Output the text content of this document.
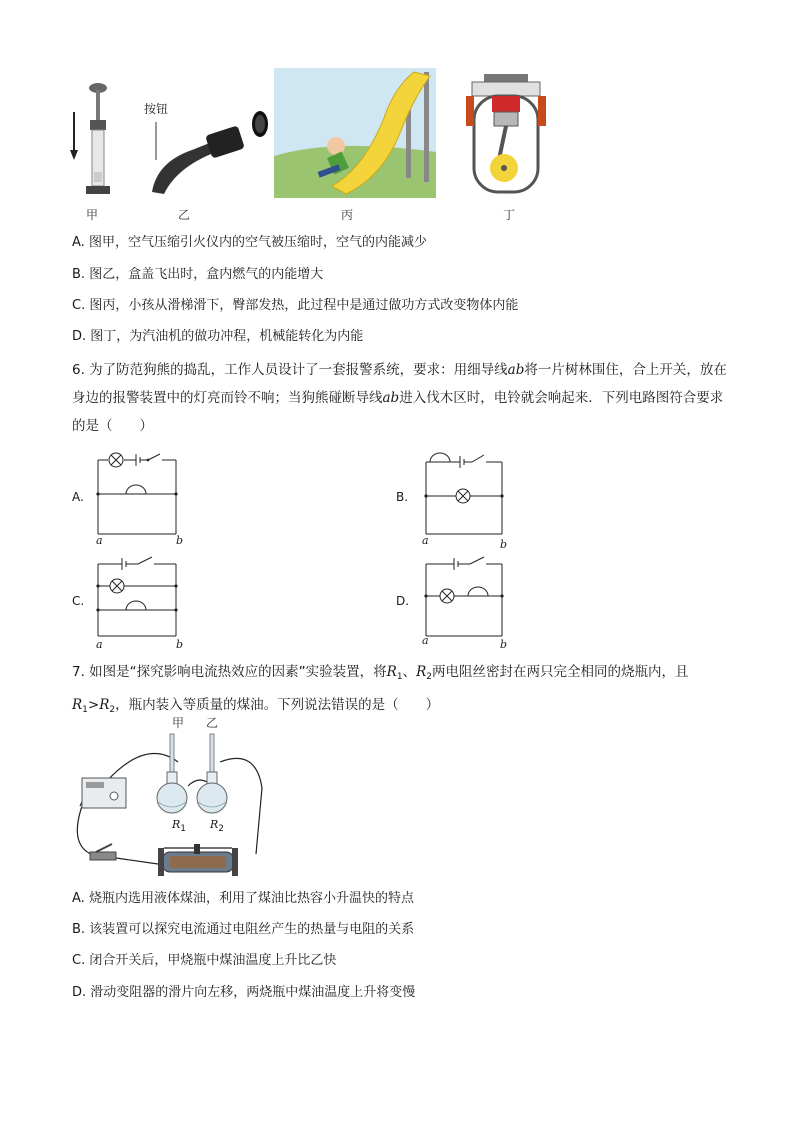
按钮
甲	乙	丙	丁
A. 图甲，空气压缩引火仪内的空气被压缩时，空气的内能减少
B. 图乙，盒盖飞出时，盒内燃气的内能增大
C. 图丙，小孩从滑梯滑下，臀部发热，此过程中是通过做功方式改变物体内能
D. 图丁，为汽油机的做功冲程，机械能转化为内能
6. 为了防范狗熊的捣乱，工作人员设计了一套报警系统，要求：用细导线ab将一片树林围住，合上开关，放在身边的报警装置中的灯亮而铃不响；当狗熊碰断导线ab进入伐木区时，电铃就会响起来．下列电路图符合要求的是（　　）
A.
a	b
B.
a	b
C.
a	b
D.
a	b
7. 如图是“探究影响电流热效应的因素”实验装置，将$R_1$、$R_2$两电阻丝密封在两只完全相同的烧瓶内，且$R_1>R_2$，瓶内装入等质量的煤油。下列说法错误的是（　　）
甲 乙
$R_1$ $R_2$
A. 烧瓶内选用液体煤油，利用了煤油比热容小升温快的特点
B. 该装置可以探究电流通过电阻丝产生的热量与电阻的关系
C. 闭合开关后，甲烧瓶中煤油温度上升比乙快
D. 滑动变阻器的滑片向左移，两烧瓶中煤油温度上升将变慢
